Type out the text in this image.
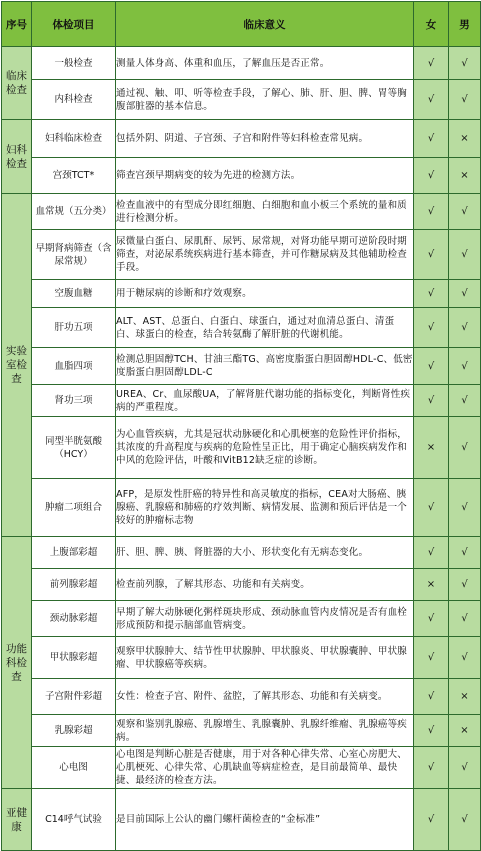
序号	体检项目	临床意义	女	男
临床检查	一般检查	测量人体身高、体重和血压，了解血压是否正常。	√	√
	内科检查	通过视、触、叩、听等检查手段，了解心、肺、肝、胆、脾、胃等胸腹部脏器的基本信息。	√	√
妇科检查	妇科临床检查	包括外阴、阴道、子宫颈、子宫和附件等妇科检查常见病。	√	×
	宫颈TCT*	筛查宫颈早期病变的较为先进的检测方法。	√	×
实验室检查	血常规（五分类）	检查血液中的有型成分即红细胞、白细胞和血小板三个系统的量和质进行检测分析。	√	√
	早期肾病筛查（含尿常规）	尿微量白蛋白、尿肌酐、尿钙、尿常规，对肾功能早期可逆阶段时期筛查，对泌尿系统疾病进行基本筛查，并可作糖尿病及其他辅助检查手段。	√	√
	空腹血糖	用于糖尿病的诊断和疗效观察。	√	√
	肝功五项	ALT、AST、总蛋白、白蛋白、球蛋白，通过对血清总蛋白、清蛋白、球蛋白的检查，结合转氨酶了解肝脏的代谢机能。	√	√
	血脂四项	检测总胆固醇TCH、甘油三酯TG、高密度脂蛋白胆固醇HDL-C、低密度脂蛋白胆固醇LDL-C	√	√
	肾功三项	UREA、Cr、血尿酸UA，了解肾脏代谢功能的指标变化，判断肾性疾病的严重程度。	√	√
	同型半胱氨酸（HCY）	为心血管疾病，尤其是冠状动脉硬化和心肌梗塞的危险性评价指标，其浓度的升高程度与疾病的危险性呈正比，用于确定心脑疾病发作和中风的危险评估，叶酸和VitB12缺乏症的诊断。	×	√
	肿瘤二项组合	AFP，是原发性肝癌的特异性和高灵敏度的指标，CEA对大肠癌、胰腺癌、乳腺癌和肺癌的疗效判断、病情发展、监测和预后评估是一个较好的肿瘤标志物	√	√
功能科检查	上腹部彩超	肝、胆、脾、胰、肾脏器的大小、形状变化有无病态变化。	√	√
	前列腺彩超	检查前列腺，了解其形态、功能和有关病变。	×	√
	颈动脉彩超	早期了解大动脉硬化粥样斑块形成、颈动脉血管内皮情况是否有血栓形成预防和提示脑部血管病变。	√	√
	甲状腺彩超	观察甲状腺肿大、结节性甲状腺肿、甲状腺炎、甲状腺囊肿、甲状腺瘤、甲状腺癌等疾病。	√	√
	子宫附件彩超	女性：检查子宫、附件、盆腔，了解其形态、功能和有关病变。	√	×
	乳腺彩超	观察和鉴别乳腺癌、乳腺增生、乳腺囊肿、乳腺纤维瘤、乳腺癌等疾病。	√	×
	心电图	心电图是判断心脏是否健康，用于对各种心律失常、心室心房肥大、心肌梗死、心律失常、心肌缺血等病症检查，是目前最简单、最快捷、最经济的检查方法。	√	√
亚健康	C14呼气试验	是目前国际上公认的幽门螺杆菌检查的“金标准”	√	√
